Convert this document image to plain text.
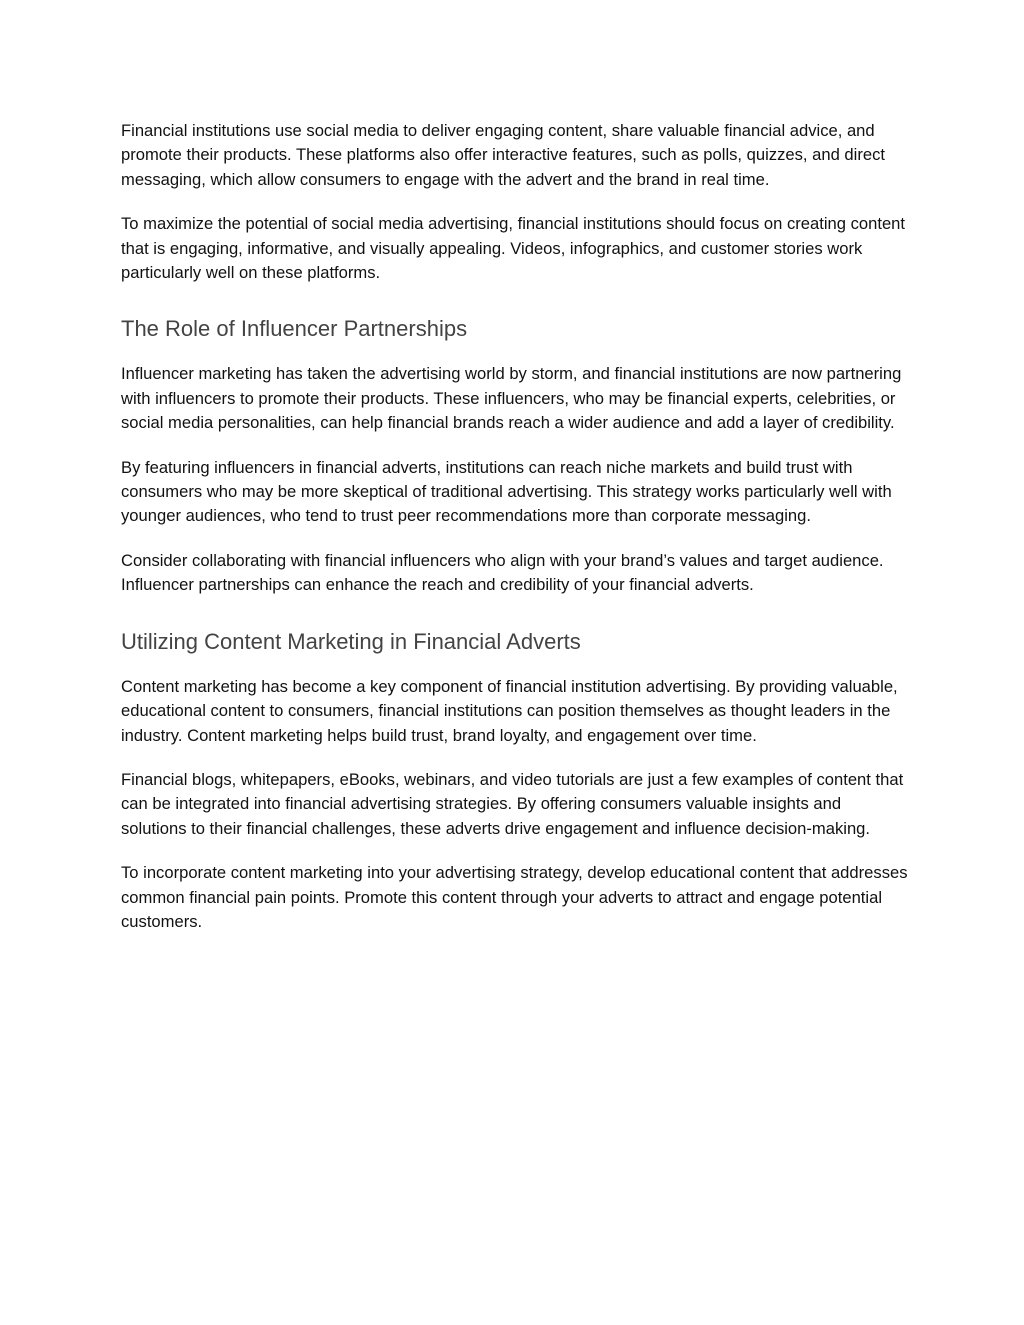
Financial institutions use social media to deliver engaging content, share valuable financial advice, and promote their products. These platforms also offer interactive features, such as polls, quizzes, and direct messaging, which allow consumers to engage with the advert and the brand in real time.

To maximize the potential of social media advertising, financial institutions should focus on creating content that is engaging, informative, and visually appealing. Videos, infographics, and customer stories work particularly well on these platforms.

The Role of Influencer Partnerships

Influencer marketing has taken the advertising world by storm, and financial institutions are now partnering with influencers to promote their products. These influencers, who may be financial experts, celebrities, or social media personalities, can help financial brands reach a wider audience and add a layer of credibility.

By featuring influencers in financial adverts, institutions can reach niche markets and build trust with consumers who may be more skeptical of traditional advertising. This strategy works particularly well with younger audiences, who tend to trust peer recommendations more than corporate messaging.

Consider collaborating with financial influencers who align with your brand’s values and target audience. Influencer partnerships can enhance the reach and credibility of your financial adverts.

Utilizing Content Marketing in Financial Adverts

Content marketing has become a key component of financial institution advertising. By providing valuable, educational content to consumers, financial institutions can position themselves as thought leaders in the industry. Content marketing helps build trust, brand loyalty, and engagement over time.

Financial blogs, whitepapers, eBooks, webinars, and video tutorials are just a few examples of content that can be integrated into financial advertising strategies. By offering consumers valuable insights and solutions to their financial challenges, these adverts drive engagement and influence decision-making.

To incorporate content marketing into your advertising strategy, develop educational content that addresses common financial pain points. Promote this content through your adverts to attract and engage potential customers.
